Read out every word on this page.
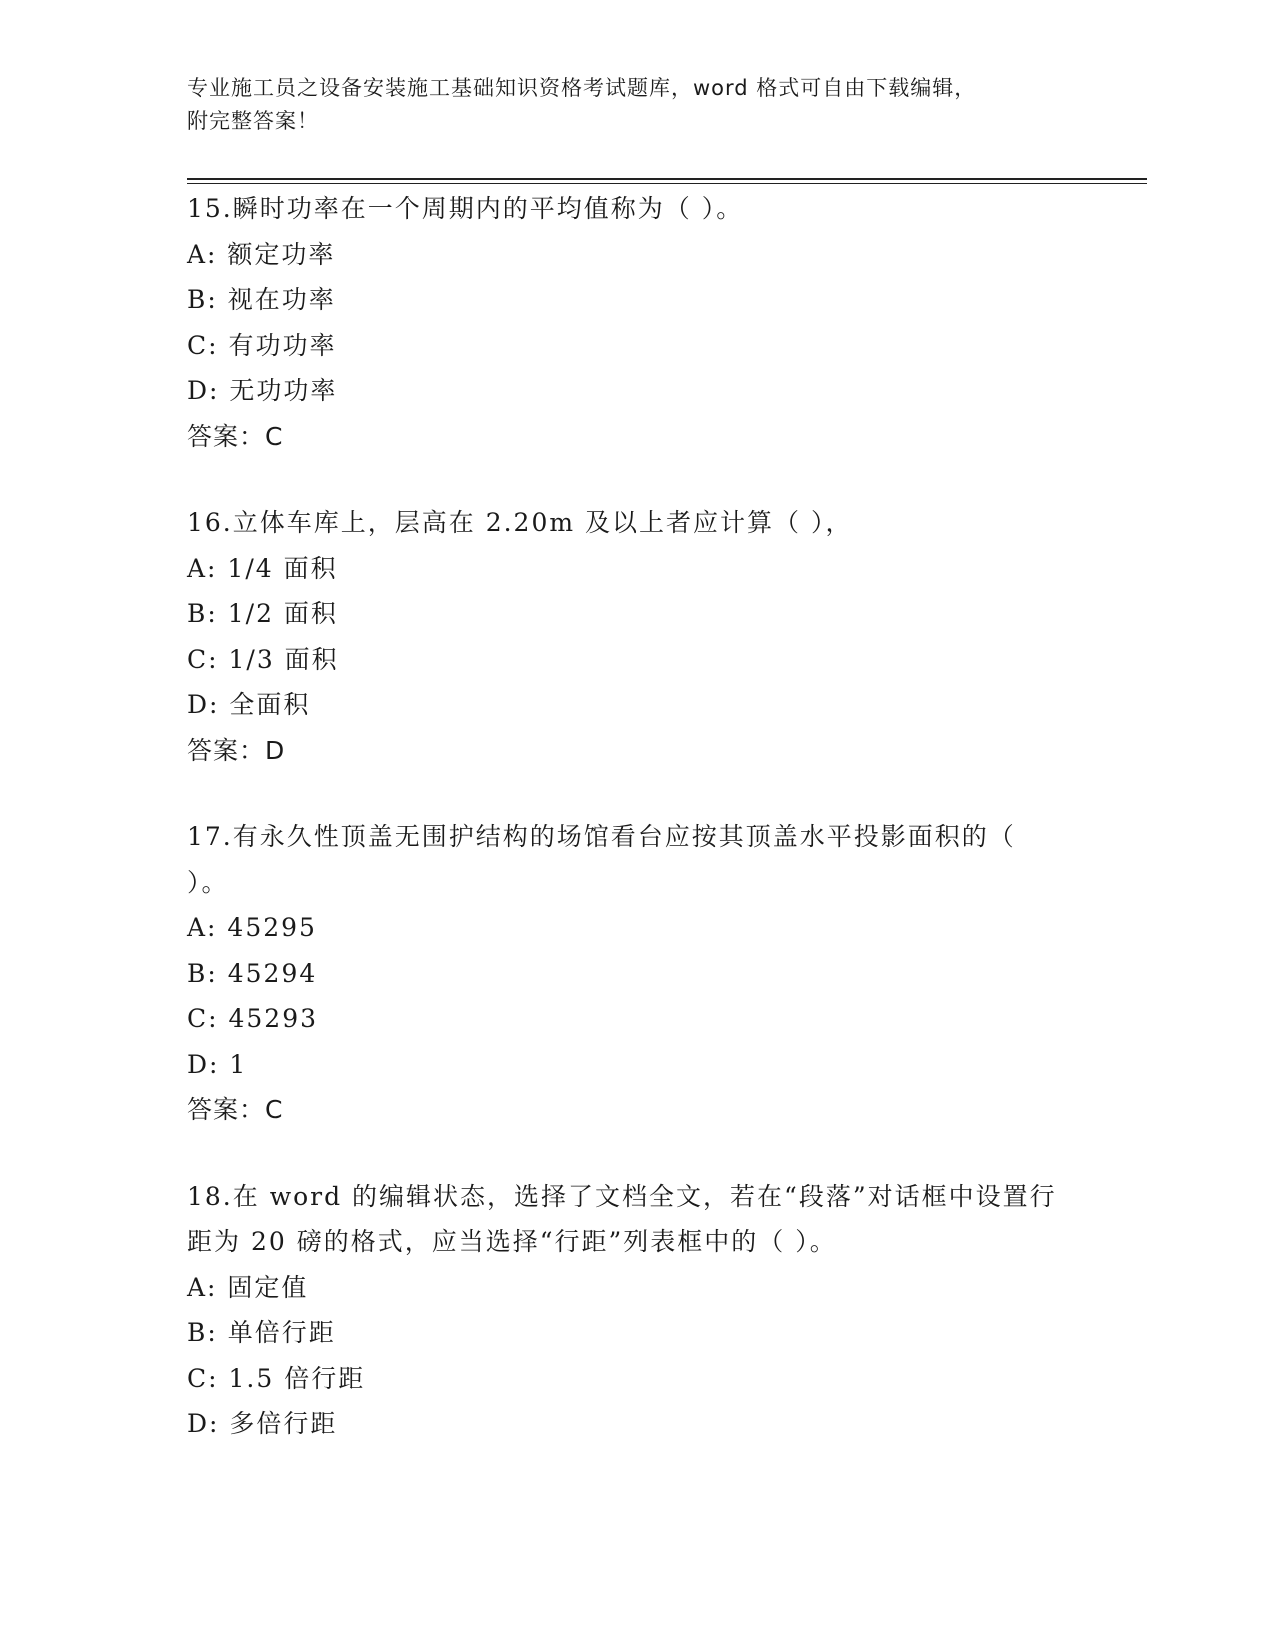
专业施工员之设备安装施工基础知识资格考试题库，word 格式可自由下载编辑，
附完整答案！
15.瞬时功率在一个周期内的平均值称为（ ）。
A: 额定功率
B: 视在功率
C: 有功功率
D: 无功功率
答案：C
16.立体车库上，层高在 2.20m 及以上者应计算（ ），
A: 1/4 面积
B: 1/2 面积
C: 1/3 面积
D: 全面积
答案：D
17.有永久性顶盖无围护结构的场馆看台应按其顶盖水平投影面积的（ ）。
A: 45295
B: 45294
C: 45293
D: 1
答案：C
18.在 word 的编辑状态，选择了文档全文，若在“段落”对话框中设置行距为 20 磅的格式，应当选择“行距”列表框中的（ ）。
A: 固定值
B: 单倍行距
C: 1.5 倍行距
D: 多倍行距
